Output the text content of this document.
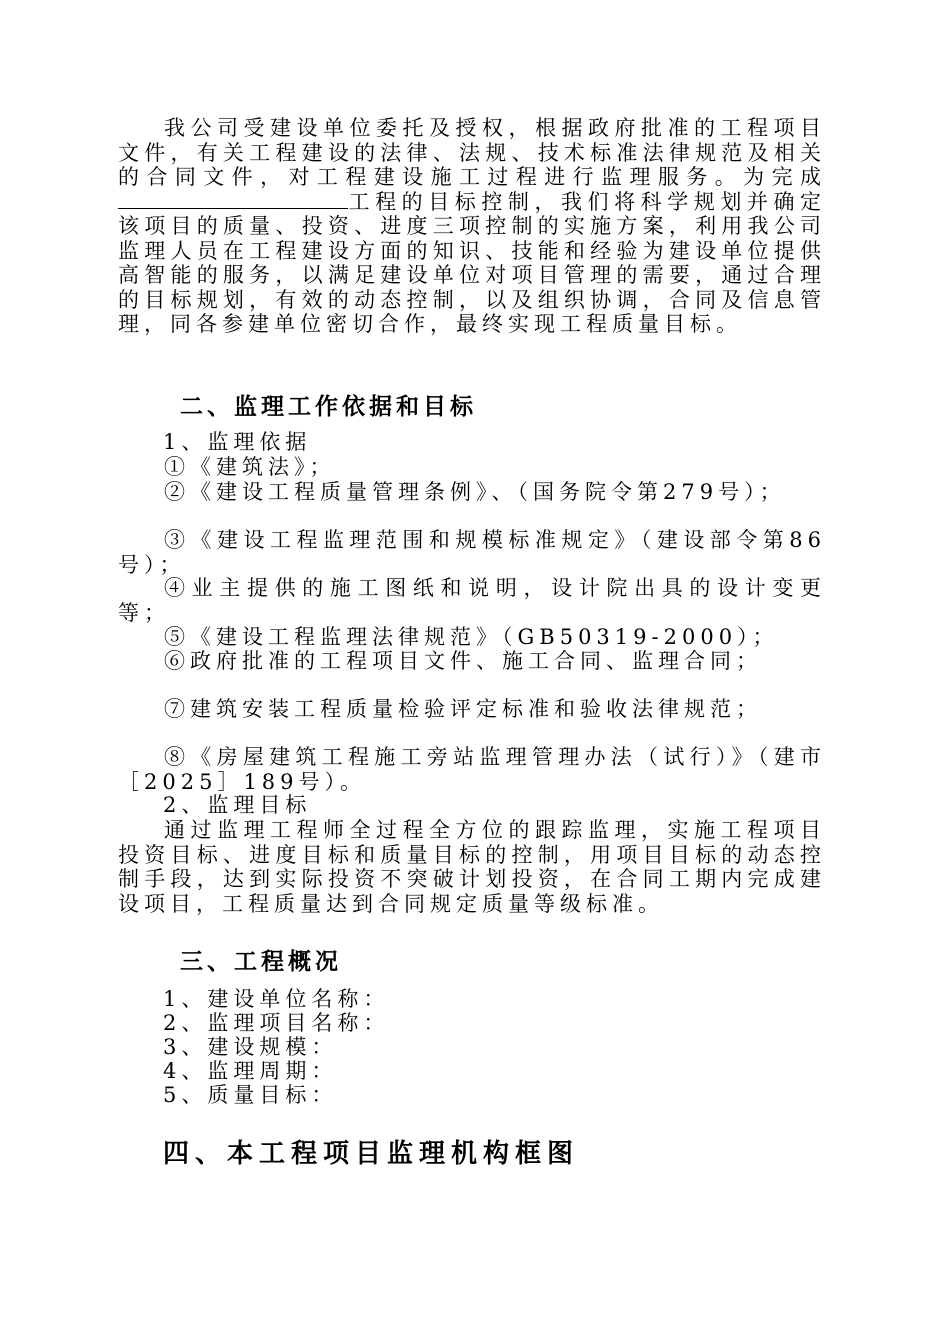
我公司受建设单位委托及授权，根据政府批准的工程项目文件，有关工程建设的法律、法规、技术标准法律规范及相关的合同文件，对工程建设施工过程进行监理服务。为完成工程的目标控制，我们将科学规划并确定该项目的质量、投资、进度三项控制的实施方案，利用我公司监理人员在工程建设方面的知识、技能和经验为建设单位提供高智能的服务，以满足建设单位对项目管理的需要，通过合理的目标规划，有效的动态控制，以及组织协调，合同及信息管理，同各参建单位密切合作，最终实现工程质量目标。

二、监理工作依据和目标
1、监理依据

①《建筑法》；

②《建设工程质量管理条例》、（国务院令第279号）；

③《建设工程监理范围和规模标准规定》（建设部令第86号）；

④业主提供的施工图纸和说明，设计院出具的设计变更等；

⑤《建设工程监理法律规范》（GB50319-2000）；

⑥政府批准的工程项目文件、施工合同、监理合同；

⑦建筑安装工程质量检验评定标准和验收法律规范；

⑧《房屋建筑工程施工旁站监理管理办法（试行）》（建市［2025］189号）。

2、监理目标

通过监理工程师全过程全方位的跟踪监理，实施工程项目投资目标、进度目标和质量目标的控制，用项目目标的动态控制手段，达到实际投资不突破计划投资，在合同工期内完成建设项目，工程质量达到合同规定质量等级标准。

三、工程概况
1、建设单位名称：
2、监理项目名称：
3、建设规模：
4、监理周期：
5、质量目标：
四、本工程项目监理机构框图
